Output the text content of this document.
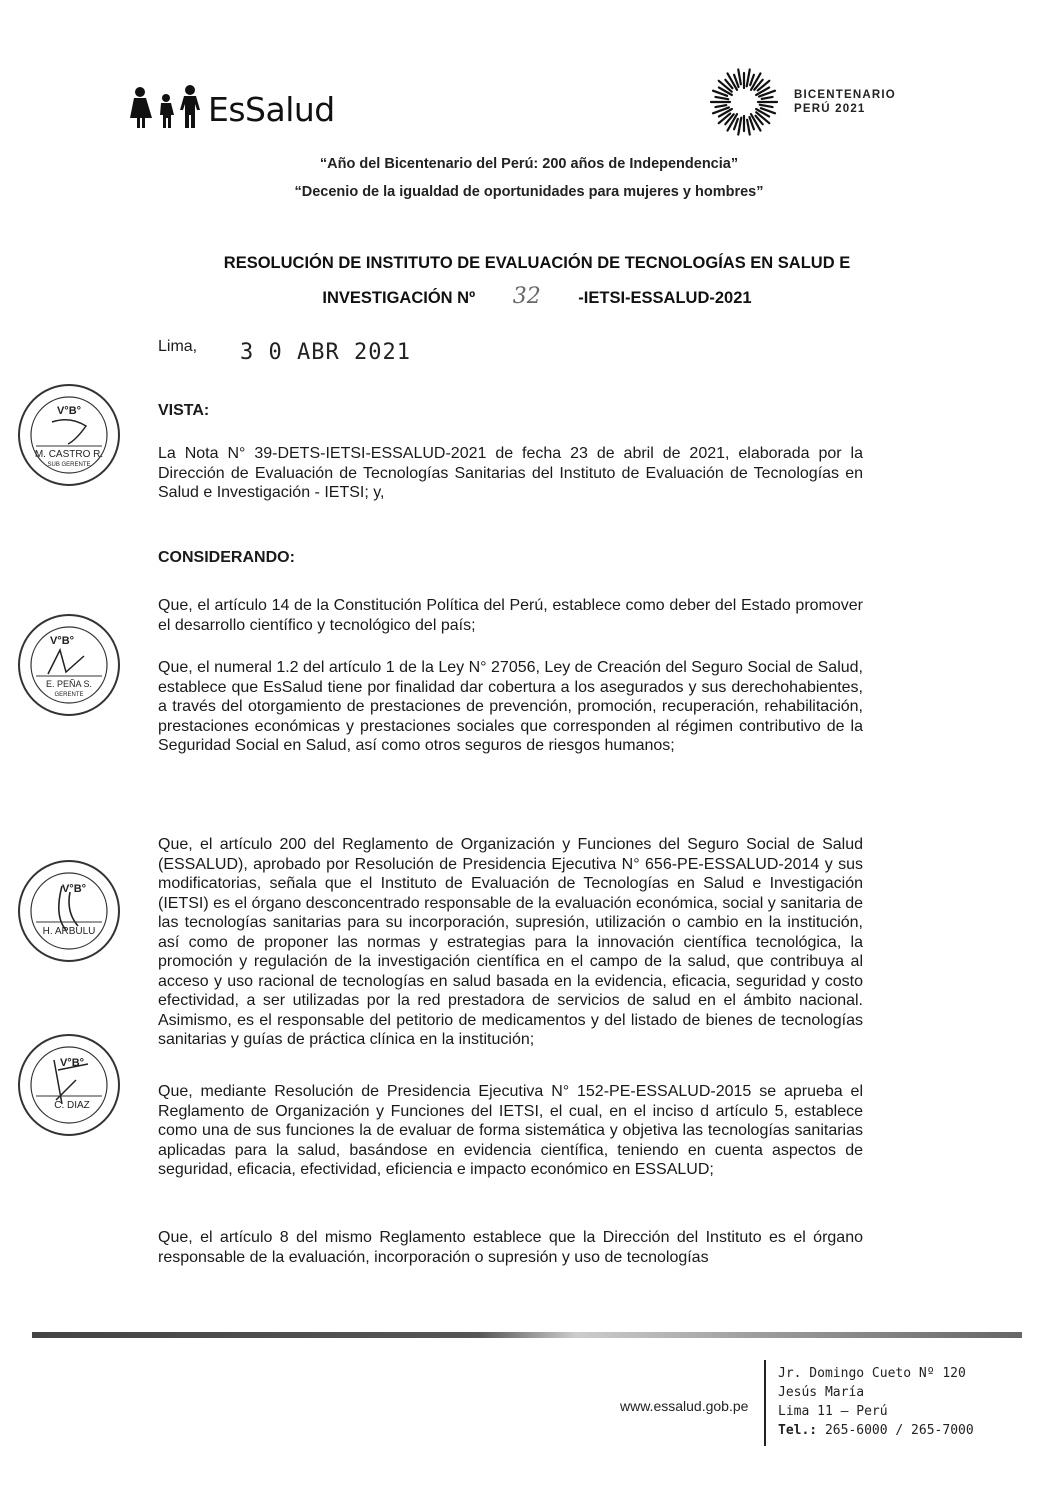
EsSalud	BICENTENARIO
PERÚ 2021
“Año del Bicentenario del Perú: 200 años de Independencia”
“Decenio de la igualdad de oportunidades para mujeres y hombres”
RESOLUCIÓN DE INSTITUTO DE EVALUACIÓN DE TECNOLOGÍAS EN SALUD E
INVESTIGACIÓN Nº 32 -IETSI-ESSALUD-2021
Lima, 3 0 ABR 2021
VISTA:
La Nota N° 39-DETS-IETSI-ESSALUD-2021 de fecha 23 de abril de 2021, elaborada por la Dirección de Evaluación de Tecnologías Sanitarias del Instituto de Evaluación de Tecnologías en Salud e Investigación - IETSI; y,
CONSIDERANDO:
Que, el artículo 14 de la Constitución Política del Perú, establece como deber del Estado promover el desarrollo científico y tecnológico del país;
Que, el numeral 1.2 del artículo 1 de la Ley N° 27056, Ley de Creación del Seguro Social de Salud, establece que EsSalud tiene por finalidad dar cobertura a los asegurados y sus derechohabientes, a través del otorgamiento de prestaciones de prevención, promoción, recuperación, rehabilitación, prestaciones económicas y prestaciones sociales que corresponden al régimen contributivo de la Seguridad Social en Salud, así como otros seguros de riesgos humanos;
Que, el artículo 200 del Reglamento de Organización y Funciones del Seguro Social de Salud (ESSALUD), aprobado por Resolución de Presidencia Ejecutiva N° 656-PE-ESSALUD-2014 y sus modificatorias, señala que el Instituto de Evaluación de Tecnologías en Salud e Investigación (IETSI) es el órgano desconcentrado responsable de la evaluación económica, social y sanitaria de las tecnologías sanitarias para su incorporación, supresión, utilización o cambio en la institución, así como de proponer las normas y estrategias para la innovación científica tecnológica, la promoción y regulación de la investigación científica en el campo de la salud, que contribuya al acceso y uso racional de tecnologías en salud basada en la evidencia, eficacia, seguridad y costo efectividad, a ser utilizadas por la red prestadora de servicios de salud en el ámbito nacional. Asimismo, es el responsable del petitorio de medicamentos y del listado de bienes de tecnologías sanitarias y guías de práctica clínica en la institución;
Que, mediante Resolución de Presidencia Ejecutiva N° 152-PE-ESSALUD-2015 se aprueba el Reglamento de Organización y Funciones del IETSI, el cual, en el inciso d artículo 5, establece como una de sus funciones la de evaluar de forma sistemática y objetiva las tecnologías sanitarias aplicadas para la salud, basándose en evidencia científica, teniendo en cuenta aspectos de seguridad, eficacia, efectividad, eficiencia e impacto económico en ESSALUD;
Que, el artículo 8 del mismo Reglamento establece que la Dirección del Instituto es el órgano responsable de la evaluación, incorporación o supresión y uso de tecnologías
V°B°
M. CASTRO R.
SUB GERENTE
V°B°
E. PEÑA S.
GERENTE
V°B°
H. ARBULU
V°B°
C. DIAZ
www.essalud.gob.pe
Jr. Domingo Cueto Nº 120
Jesús María
Lima 11 – Perú
Tel.: 265-6000 / 265-7000
